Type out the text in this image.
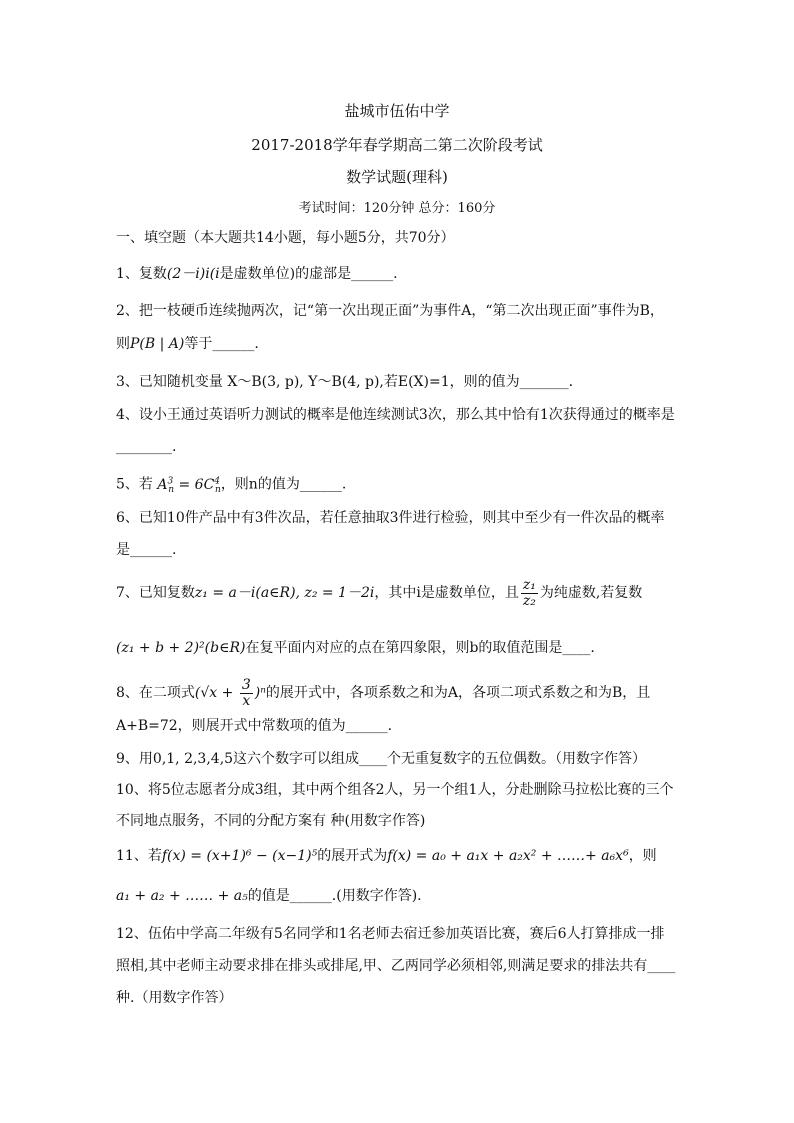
盐城市伍佑中学
2017-2018学年春学期高二第二次阶段考试
数学试题(理科)
考试时间：120分钟 总分：160分
一、填空题（本大题共14小题，每小题5分，共70分）
1、复数(2－i)i(i是虚数单位)的虚部是______.
2、把一枝硬币连续抛两次，记“第一次出现正面”为事件A，“第二次出现正面”事件为B，
则P(B | A)等于______.
3、已知随机变量 X～B(3, p), Y～B(4, p),若E(X)=1，则的值为_______.
4、设小王通过英语听力测试的概率是他连续测试3次，那么其中恰有1次获得通过的概率是
________.
5、若 $A^3_n = 6C^4_n$，则n的值为______.
6、已知10件产品中有3件次品，若任意抽取3件进行检验，则其中至少有一件次品的概率
是______.
7、已知复数z₁ = a－i(a∈R), z₂ = 1－2i，其中i是虚数单位，且 $\frac{\text{z₁}}{\text{z₂}}$ 为纯虚数,若复数
(z₁ + b + 2)²(b∈R)在复平面内对应的点在第四象限，则b的取值范围是____.
8、在二项式$(√x + \frac{3}{x} )^n$的展开式中，各项系数之和为A，各项二项式系数之和为B，且
A+B=72，则展开式中常数项的值为______.
9、用0,1, 2,3,4,5这六个数字可以组成____个无重复数字的五位偶数。（用数字作答）
10、将5位志愿者分成3组，其中两个组各2人，另一个组1人，分赴删除马拉松比赛的三个
不同地点服务，不同的分配方案有 种(用数字作答)
11、若f(x) = (x+1)⁶ − (x−1)⁵的展开式为f(x) = a₀ + a₁x + a₂x² + ……+ a₆x⁶，则
a₁ + a₂ + …… + a₅的值是______.(用数字作答).
12、伍佑中学高二年级有5名同学和1名老师去宿迁参加英语比赛，赛后6人打算排成一排
照相,其中老师主动要求排在排头或排尾,甲、乙两同学必须相邻,则满足要求的排法共有____
种.（用数字作答）
